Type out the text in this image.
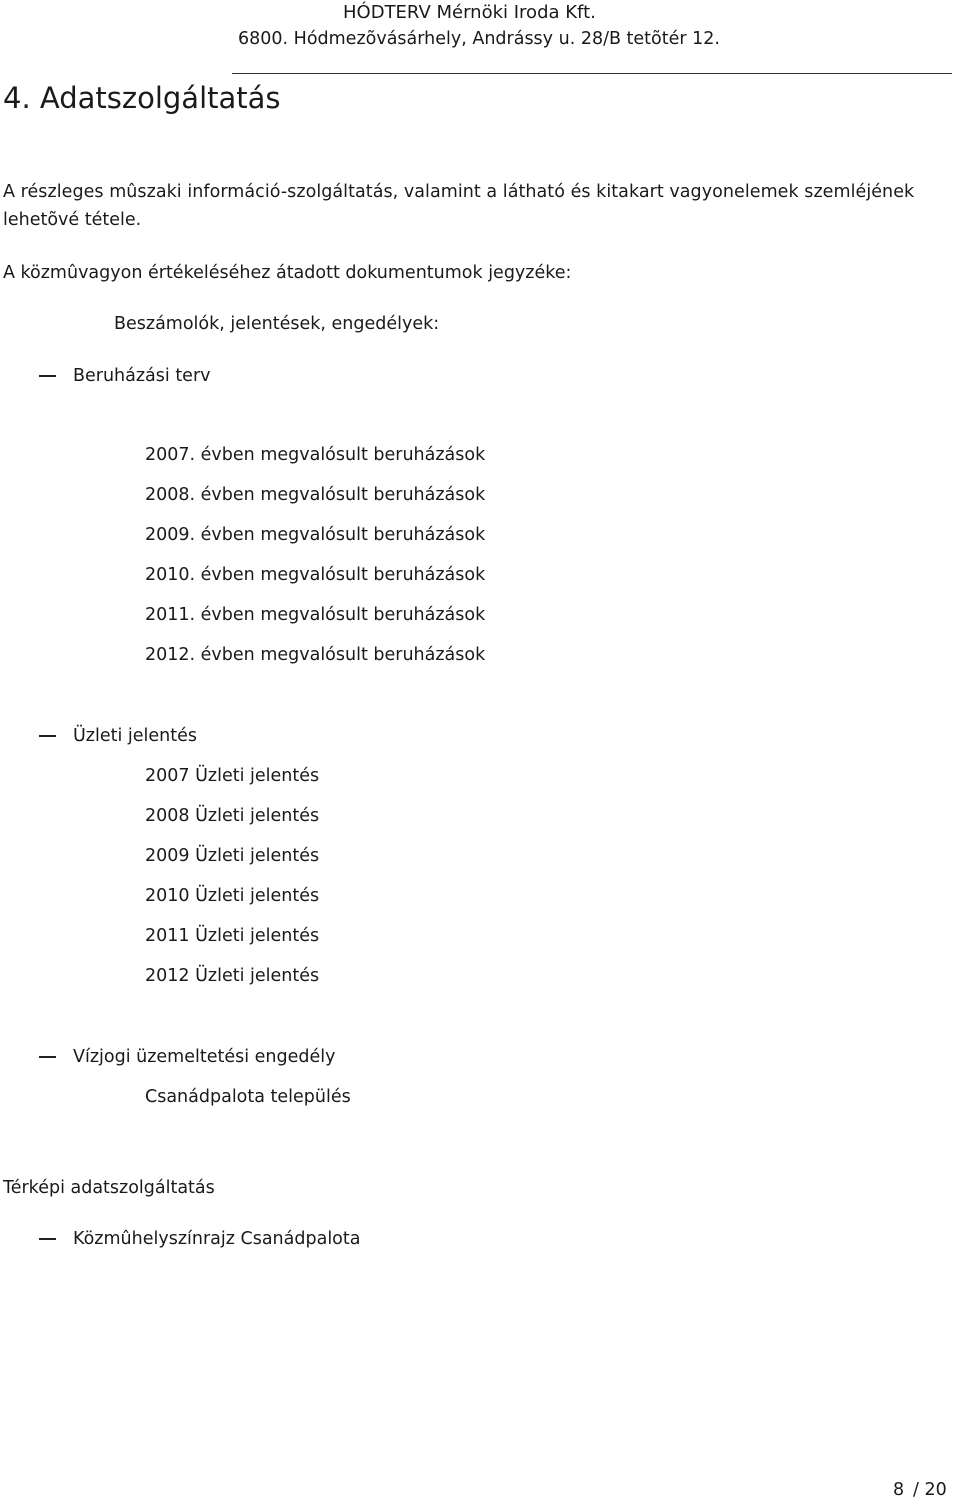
HÓDTERV Mérnöki Iroda Kft.
6800. Hódmezõvásárhely, Andrássy u. 28/B tetõtér 12.
4. Adatszolgáltatás
A részleges mûszaki információ-szolgáltatás, valamint a látható és kitakart vagyonelemek szemléjének
lehetõvé tétele.
A közmûvagyon értékeléséhez átadott dokumentumok jegyzéke:
Beszámolók, jelentések, engedélyek:
Beruházási terv
2007. évben megvalósult beruházások
2008. évben megvalósult beruházások
2009. évben megvalósult beruházások
2010. évben megvalósult beruházások
2011. évben megvalósult beruházások
2012. évben megvalósult beruházások
Üzleti jelentés
2007 Üzleti jelentés
2008 Üzleti jelentés
2009 Üzleti jelentés
2010 Üzleti jelentés
2011 Üzleti jelentés
2012 Üzleti jelentés
Vízjogi üzemeltetési engedély
Csanádpalota település
Térképi adatszolgáltatás
Közmûhelyszínrajz Csanádpalota
8 / 20
